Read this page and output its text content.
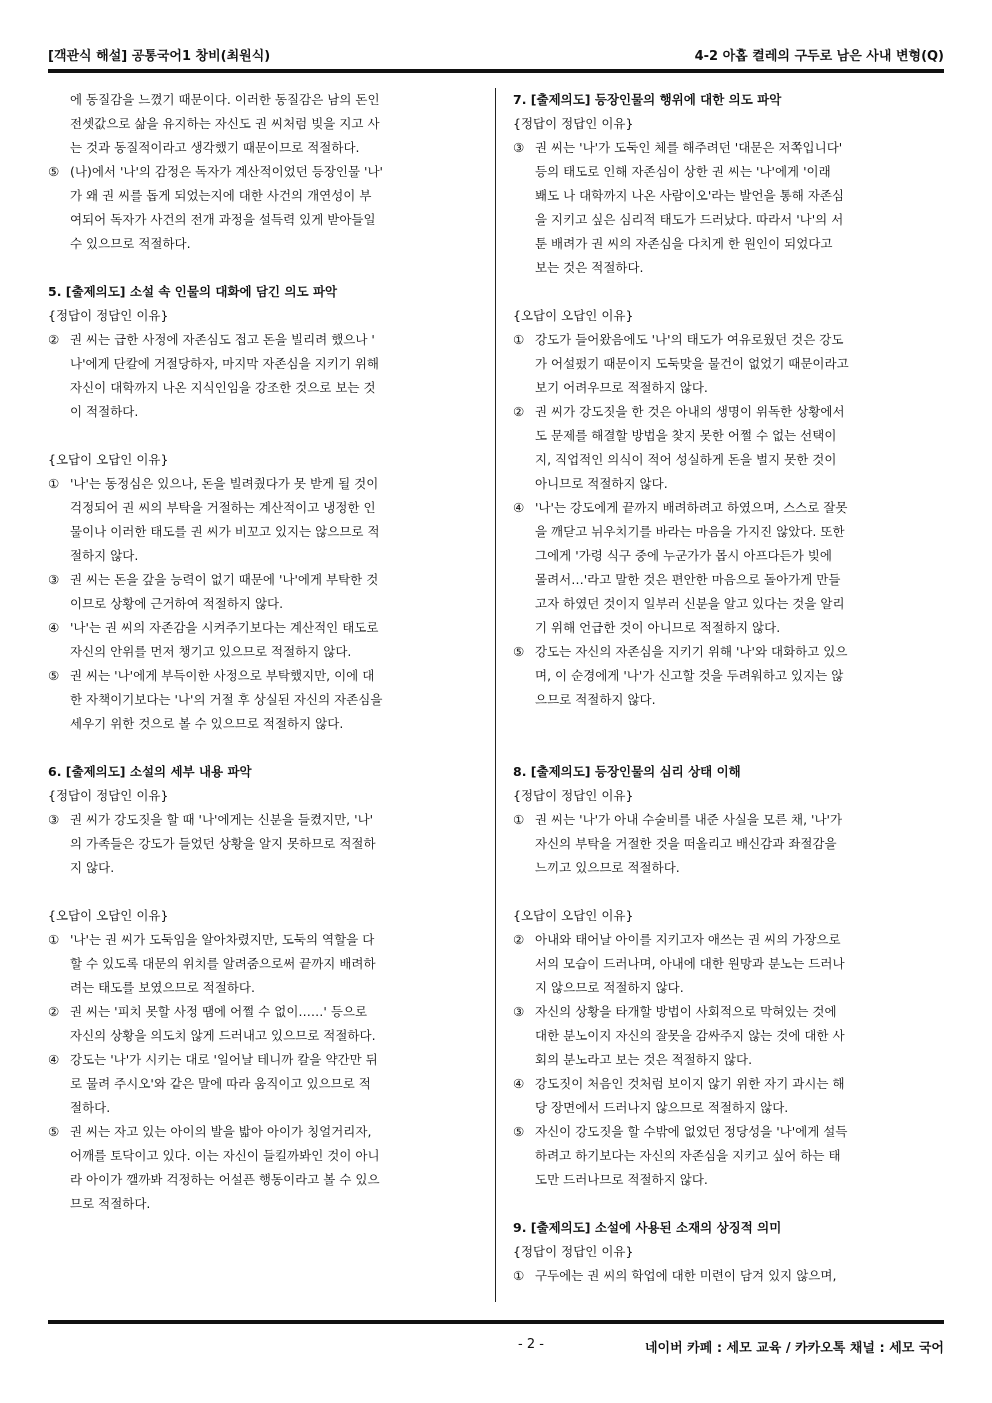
[객관식 해설] 공통국어1 창비(최원식)	4-2 아홉 켤레의 구두로 남은 사내 변형(Q)

에 동질감을 느꼈기 때문이다. 이러한 동질감은 남의 돈인

전셋값으로 삶을 유지하는 자신도 권 씨처럼 빚을 지고 사

는 것과 동질적이라고 생각했기 때문이므로 적절하다.

⑤ (나)에서 '나'의 감정은 독자가 계산적이었던 등장인물 '나'

가 왜 권 씨를 돕게 되었는지에 대한 사건의 개연성이 부

여되어 독자가 사건의 전개 과정을 설득력 있게 받아들일

수 있으므로 적절하다.

5. [출제의도] 소설 속 인물의 대화에 담긴 의도 파악

{정답이 정답인 이유}

② 권 씨는 급한 사정에 자존심도 접고 돈을 빌리려 했으나 '

나'에게 단칼에 거절당하자, 마지막 자존심을 지키기 위해

자신이 대학까지 나온 지식인임을 강조한 것으로 보는 것

이 적절하다.

{오답이 오답인 이유}

① '나'는 동정심은 있으나, 돈을 빌려줬다가 못 받게 될 것이

걱정되어 권 씨의 부탁을 거절하는 계산적이고 냉정한 인

물이나 이러한 태도를 권 씨가 비꼬고 있지는 않으므로 적

절하지 않다.

③ 권 씨는 돈을 갚을 능력이 없기 때문에 '나'에게 부탁한 것

이므로 상황에 근거하여 적절하지 않다.

④ '나'는 권 씨의 자존감을 시켜주기보다는 계산적인 태도로

자신의 안위를 먼저 챙기고 있으므로 적절하지 않다.

⑤ 권 씨는 '나'에게 부득이한 사정으로 부탁했지만, 이에 대

한 자책이기보다는 '나'의 거절 후 상실된 자신의 자존심을

세우기 위한 것으로 볼 수 있으므로 적절하지 않다.

6. [출제의도] 소설의 세부 내용 파악

{정답이 정답인 이유}

③ 권 씨가 강도짓을 할 때 '나'에게는 신분을 들켰지만, '나'

의 가족들은 강도가 들었던 상황을 알지 못하므로 적절하

지 않다.

{오답이 오답인 이유}

① '나'는 권 씨가 도둑임을 알아차렸지만, 도둑의 역할을 다

할 수 있도록 대문의 위치를 알려줌으로써 끝까지 배려하

려는 태도를 보였으므로 적절하다.

② 권 씨는 '피치 못할 사정 땜에 어쩔 수 없이……' 등으로

자신의 상황을 의도치 않게 드러내고 있으므로 적절하다.

④ 강도는 '나'가 시키는 대로 '일어날 테니까 칼을 약간만 뒤

로 물려 주시오'와 같은 말에 따라 움직이고 있으므로 적

절하다.

⑤ 권 씨는 자고 있는 아이의 발을 밟아 아이가 칭얼거리자,

어깨를 토닥이고 있다. 이는 자신이 들킬까봐인 것이 아니

라 아이가 깰까봐 걱정하는 어설픈 행동이라고 볼 수 있으

므로 적절하다.

7. [출제의도] 등장인물의 행위에 대한 의도 파악

{정답이 정답인 이유}

③ 권 씨는 '나'가 도둑인 체를 해주려던 '대문은 저쪽입니다'

등의 태도로 인해 자존심이 상한 권 씨는 '나'에게 '이래

봬도 나 대학까지 나온 사람이오'라는 발언을 통해 자존심

을 지키고 싶은 심리적 태도가 드러났다. 따라서 '나'의 서

툰 배려가 권 씨의 자존심을 다치게 한 원인이 되었다고

보는 것은 적절하다.

{오답이 오답인 이유}

① 강도가 들어왔음에도 '나'의 태도가 여유로웠던 것은 강도

가 어설펐기 때문이지 도둑맞을 물건이 없었기 때문이라고

보기 어려우므로 적절하지 않다.

② 권 씨가 강도짓을 한 것은 아내의 생명이 위독한 상황에서

도 문제를 해결할 방법을 찾지 못한 어쩔 수 없는 선택이

지, 직업적인 의식이 적어 성실하게 돈을 벌지 못한 것이

아니므로 적절하지 않다.

④ '나'는 강도에게 끝까지 배려하려고 하였으며, 스스로 잘못

을 깨닫고 뉘우치기를 바라는 마음을 가지진 않았다. 또한

그에게 '가령 식구 중에 누군가가 몹시 아프다든가 빚에

몰려서…'라고 말한 것은 편안한 마음으로 돌아가게 만들

고자 하였던 것이지 일부러 신분을 알고 있다는 것을 알리

기 위해 언급한 것이 아니므로 적절하지 않다.

⑤ 강도는 자신의 자존심을 지키기 위해 '나'와 대화하고 있으

며, 이 순경에게 '나'가 신고할 것을 두려워하고 있지는 않

으므로 적절하지 않다.

8. [출제의도] 등장인물의 심리 상태 이해

{정답이 정답인 이유}

① 권 씨는 '나'가 아내 수술비를 내준 사실을 모른 채, '나'가

자신의 부탁을 거절한 것을 떠올리고 배신감과 좌절감을

느끼고 있으므로 적절하다.

{오답이 오답인 이유}

② 아내와 태어날 아이를 지키고자 애쓰는 권 씨의 가장으로

서의 모습이 드러나며, 아내에 대한 원망과 분노는 드러나

지 않으므로 적절하지 않다.

③ 자신의 상황을 타개할 방법이 사회적으로 막혀있는 것에

대한 분노이지 자신의 잘못을 감싸주지 않는 것에 대한 사

회의 분노라고 보는 것은 적절하지 않다.

④ 강도짓이 처음인 것처럼 보이지 않기 위한 자기 과시는 해

당 장면에서 드러나지 않으므로 적절하지 않다.

⑤ 자신이 강도짓을 할 수밖에 없었던 정당성을 '나'에게 설득

하려고 하기보다는 자신의 자존심을 지키고 싶어 하는 태

도만 드러나므로 적절하지 않다.

9. [출제의도] 소설에 사용된 소재의 상징적 의미

{정답이 정답인 이유}

① 구두에는 권 씨의 학업에 대한 미련이 담겨 있지 않으며,

- 2 -	네이버 카페 : 세모 교육 / 카카오톡 채널 : 세모 국어
